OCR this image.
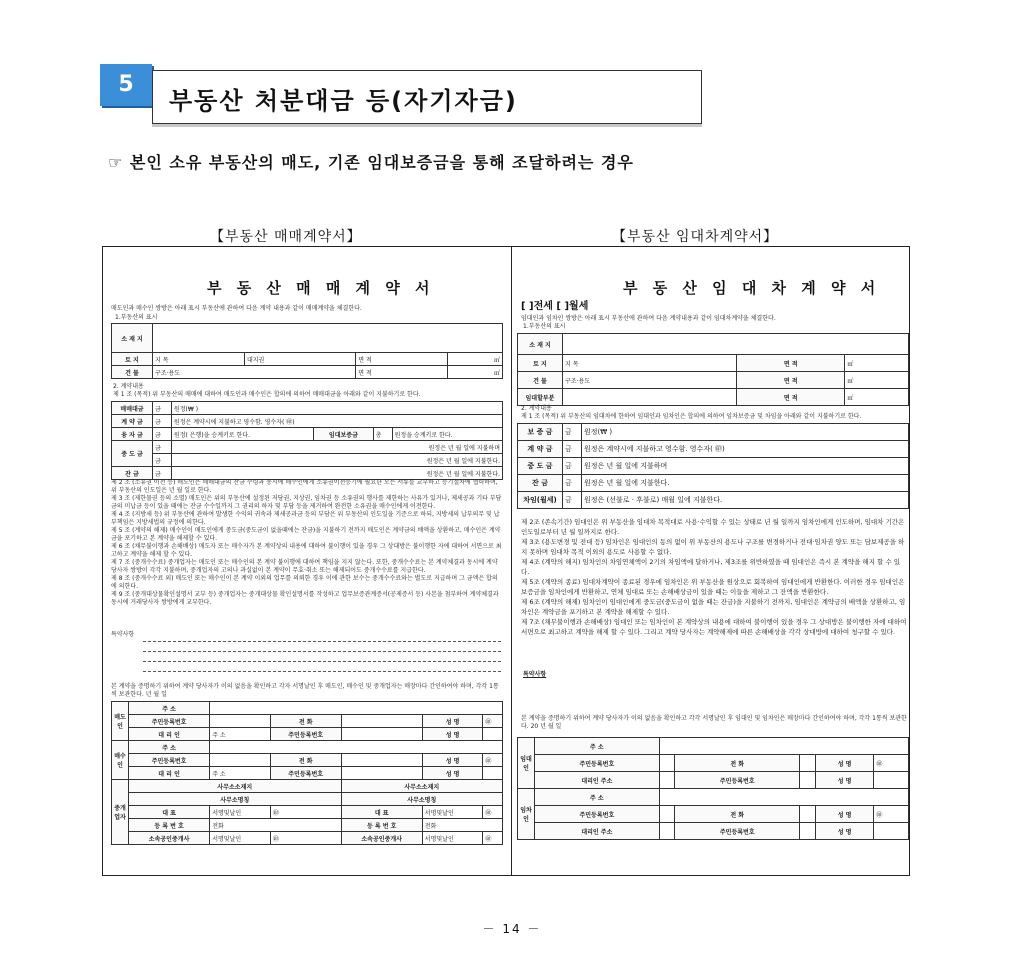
5
부동산 처분대금 등(자기자금)
☞ 본인 소유 부동산의 매도, 기존 임대보증금을 통해 조달하려는 경우
【부동산 매매계약서】	【부동산 임대차계약서】
부 동 산 매 매 계 약 서
매도인과 매수인 쌍방은 아래 표시 부동산에 관하여 다음 계약 내용과 같이 매매계약을 체결한다.
1.부동산의 표시
소 재 지				
토 지	지 목	대지권	면 적	㎡
건 물	구조·용도		면 적	㎡
2. 계약내용
제 1 조 (목적) 위 부동산의 매매에 대하여 매도인과 매수인은 합의에 의하여 매매대금을 아래와 같이 지불하기로 한다.
매매대금	금	원정(₩ )			
계 약 금	금	원정은 계약시에 지불하고 영수함. 영수자( ㊞)			
융 자 금	금	원정( 은행)을 승계키로 한다.	임대보증금	총	원정을 승계키로 한다.
중 도 금	금	원정은 년 월 일에 지불하며			
	금	원정은 년 월 일에 지불한다.			
잔 금	금	원정은 년 월 일에 지불한다.			
제 2 조 (소유권 이전 등) 매도인은 매매대금의 잔금 수령과 동시에 매수인에게 소유권이전등기에 필요한 모든 서류를 교부하고 등기절차에 협력하며, 위 부동산의 인도일은 년 월 일로 한다.
제 3 조 (제한물권 등의 소멸) 매도인은 위의 부동산에 설정된 저당권, 지상권, 임차권 등 소유권의 행사를 제한하는 사유가 있거나, 제세공과 기타 부담금의 미납금 등이 있을 때에는 잔금 수수일까지 그 권리의 하자 및 부담 등을 제거하여 완전한 소유권을 매수인에게 이전한다.
제 4 조 (지방세 등) 위 부동산에 관하여 발생한 수익의 귀속과 제세공과금 등의 부담은 위 부동산의 인도일을 기준으로 하되, 지방세의 납부의무 및 납부책임은 지방세법의 규정에 의한다.
제 5 조 (계약의 해제) 매수인이 매도인에게 중도금(중도금이 없을때에는 잔금)을 지불하기 전까지 매도인은 계약금의 배액을 상환하고, 매수인은 계약금을 포기하고 본 계약을 해제할 수 있다.
제 6 조 (채무불이행과 손해배상) 매도자 또는 매수자가 본 계약상의 내용에 대하여 불이행이 있을 경우 그 상대방은 불이행한 자에 대하여 서면으로 최고하고 계약을 해제 할 수 있다.
제 7 조 (중개수수료) 중개업자는 매도인 또는 매수인의 본 계약 불이행에 대하여 책임을 지지 않는다. 또한, 중개수수료는 본 계약체결과 동시에 계약 당사자 쌍방이 각각 지불하며, 중개업자의 고의나 과실없이 본 계약이 무효·취소 또는 해제되어도 중개수수료를 지급한다.
제 8 조 (중개수수료 외) 매도인 또는 매수인이 본 계약 이외의 업무를 의뢰한 경우 이에 관한 보수는 중개수수료와는 별도로 지급하며 그 금액은 합의에 의한다.
제 9 조 (중개대상물확인설명서 교부 등) 중개업자는 중개대상물 확인설명서를 작성하고 업무보증관계증서(공제증서 등) 사본을 첨부하여 계약체결과 동시에 거래당사자 쌍방에게 교부한다.
특약사항
본 계약을 증명하기 위하여 계약 당사자가 이의 없음을 확인하고 각자 서명날인 후 매도인, 매수인 및 중개업자는 매장마다 간인하여야 하며, 각각 1통씩 보관한다. 년 월 일
매도인	주 소					
	주민등록번호		전 화		성 명	㊞
	대 리 인	주 소	주민등록번호		성 명	
매수인	주 소					
	주민등록번호		전 화		성 명	㊞
	대 리 인	주 소	주민등록번호		성 명	
중개업자	사무소소재지			사무소소재지		
	사무소명칭			사무소명칭		
	대 표	서명및날인	㊞	대 표	서명및날인	㊞
	등 록 번 호	전화		등 록 번 호	전화	
	소속공인중개사	서명및날인	㊞	소속공인중개사	서명및날인	㊞
부 동 산 임 대 차 계 약 서
[ ]전세 [ ]월세
임대인과 임차인 쌍방은 아래 표시 부동산에 관하여 다음 계약내용과 같이 임대차계약을 체결한다.
1.부동산의 표시
소 재 지			
토 지	지 목	면 적	㎡
건 물	구조·용도	면 적	㎡
임대할부분		면 적	㎡
2. 계약내용
제 1 조 (목적) 위 부동산의 임대차에 한하여 임대인과 임차인은 합의에 의하여 임차보증금 및 차임을 아래와 같이 지불하기로 한다.
보 증 금	금	원정(₩ )
계 약 금	금	원정은 계약시에 지불하고 영수함. 영수자( ㊞)
중 도 금	금	원정은 년 월 일에 지불하며
잔 금	금	원정은 년 월 일에 지불한다.
차임(월세)	금	원정은 (선불로 · 후불로) 매월 일에 지불한다.
제 2조 (존속기간) 임대인은 위 부동산을 임대차 목적대로 사용·수익할 수 있는 상태로 년 월 일까지 임차인에게 인도하며, 임대차 기간은 인도일로부터 년 월 일까지로 한다.
제 3조 (용도변경 및 전대 등) 임차인은 임대인의 동의 없이 위 부동산의 용도나 구조를 변경하거나 전대·임차권 양도 또는 담보제공을 하지 못하며 임대차 목적 이외의 용도로 사용할 수 없다.
제 4조 (계약의 해지) 임차인의 차임연체액이 2기의 차임액에 달하거나, 제3조를 위반하였을 때 임대인은 즉시 본 계약을 해지 할 수 있다.
제 5조 (계약의 종료) 임대차계약이 종료된 경우에 임차인은 위 부동산을 원상으로 회복하여 임대인에게 반환한다. 이러한 경우 임대인은 보증금을 임차인에게 반환하고, 연체 임대료 또는 손해배상금이 있을 때는 이들을 제하고 그 잔액을 반환한다.
제 6조 (계약의 해제) 임차인이 임대인에게 중도금(중도금이 없을 때는 잔금)을 지불하기 전까지, 임대인은 계약금의 배액을 상환하고, 임차인은 계약금을 포기하고 본 계약을 해제할 수 있다.
제 7조 (채무불이행과 손해배상) 임대인 또는 임차인이 본 계약상의 내용에 대하여 불이행이 있을 경우 그 상대방은 불이행한 자에 대하여 서면으로 최고하고 계약을 해제 할 수 있다. 그리고 계약 당사자는 계약해제에 따른 손해배상을 각각 상대방에 대하여 청구할 수 있다.
특약사항
본 계약을 증명하기 위하여 계약 당사자가 이의 없음을 확인하고 각각 서명날인 후 임대인 및 임차인은 매장마다 간인하여야 하며, 각각 1통씩 보관한다. 20 년 월 일
임대인	주 소					
	주민등록번호		전 화		성 명	㊞
	대리인 주소		주민등록번호		성 명	
임차인	주 소					
	주민등록번호		전 화		성 명	㊞
	대리인 주소		주민등록번호		성 명	
－ 14 －
